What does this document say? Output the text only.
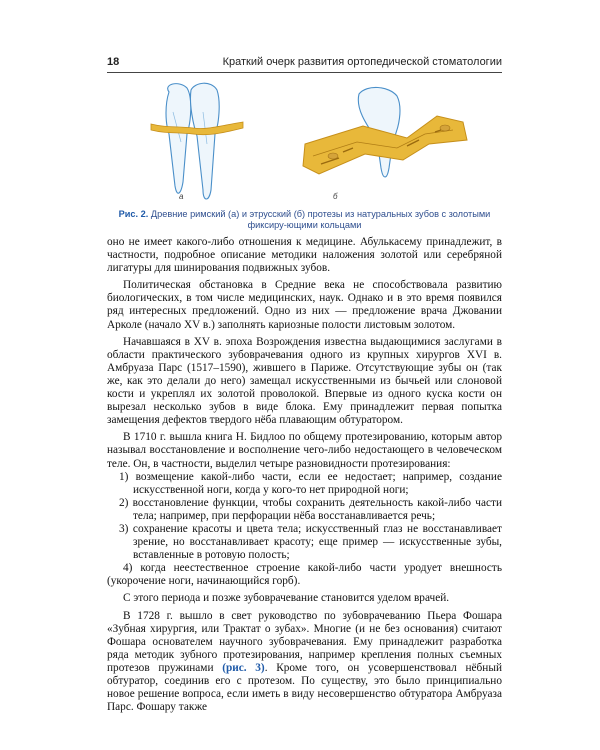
18	Краткий очерк развития ортопедической стоматологии
а	б
Рис. 2. Древние римский (а) и этрусский (б) протезы из натуральных зубов с золотыми фиксиру-ющими кольцами

оно не имеет какого-либо отношения к медицине. Абулькасему принадлежит, в частности, подробное описание методики наложения золотой или серебряной лигатуры для шинирования подвижных зубов.

Политическая обстановка в Средние века не способствовала развитию биологических, в том числе медицинских, наук. Однако и в это время появился ряд интересных предложений. Одно из них — предложение врача Джовании Арколе (начало XV в.) заполнять кариозные полости листовым золотом.

Начавшаяся в XV в. эпоха Возрождения известна выдающимися заслугами в области практического зубоврачевания одного из крупных хирургов XVI в. Амбруаза Парс (1517–1590), жившего в Париже. Отсутствующие зубы он (так же, как это делали до него) замещал искусственными из бычьей или слоновой кости и укреплял их золотой проволокой. Впервые из одного куска кости он вырезал несколько зубов в виде блока. Ему принадлежит первая попытка замещения дефектов твердого нёба плавающим обтуратором.

В 1710 г. вышла книга Н. Бидлоо по общему протезированию, которым автор называл восстановление и восполнение чего-либо недостающего в человеческом теле. Он, в частности, выделил четыре разновидности протезирования:

1) возмещение какой-либо части, если ее недостает; например, создание искусственной ноги, когда у кого-то нет природной ноги;
2) восстановление функции, чтобы сохранить деятельность какой-либо части тела; например, при перфорации нёба восстанавливается речь;
3) сохранение красоты и цвета тела; искусственный глаз не восстанавливает зрение, но восстанавливает красоту; еще пример — искусственные зубы, вставленные в ротовую полость;

4) когда неестественное строение какой-либо части уродует внешность (укорочение ноги, начинающийся горб).

С этого периода и позже зубоврачевание становится уделом врачей.

В 1728 г. вышло в свет руководство по зубоврачеванию Пьера Фошара «Зубная хирургия, или Трактат о зубах». Многие (и не без основания) считают Фошара основателем научного зубоврачевания. Ему принадлежит разработка ряда методик зубного протезирования, например крепления полных съемных протезов пружинами (рис. 3). Кроме того, он усовершенствовал нёбный обтуратор, соединив его с протезом. По существу, это было принципиально новое решение вопроса, если иметь в виду несовершенство обтуратора Амбруаза Парс. Фошару также
